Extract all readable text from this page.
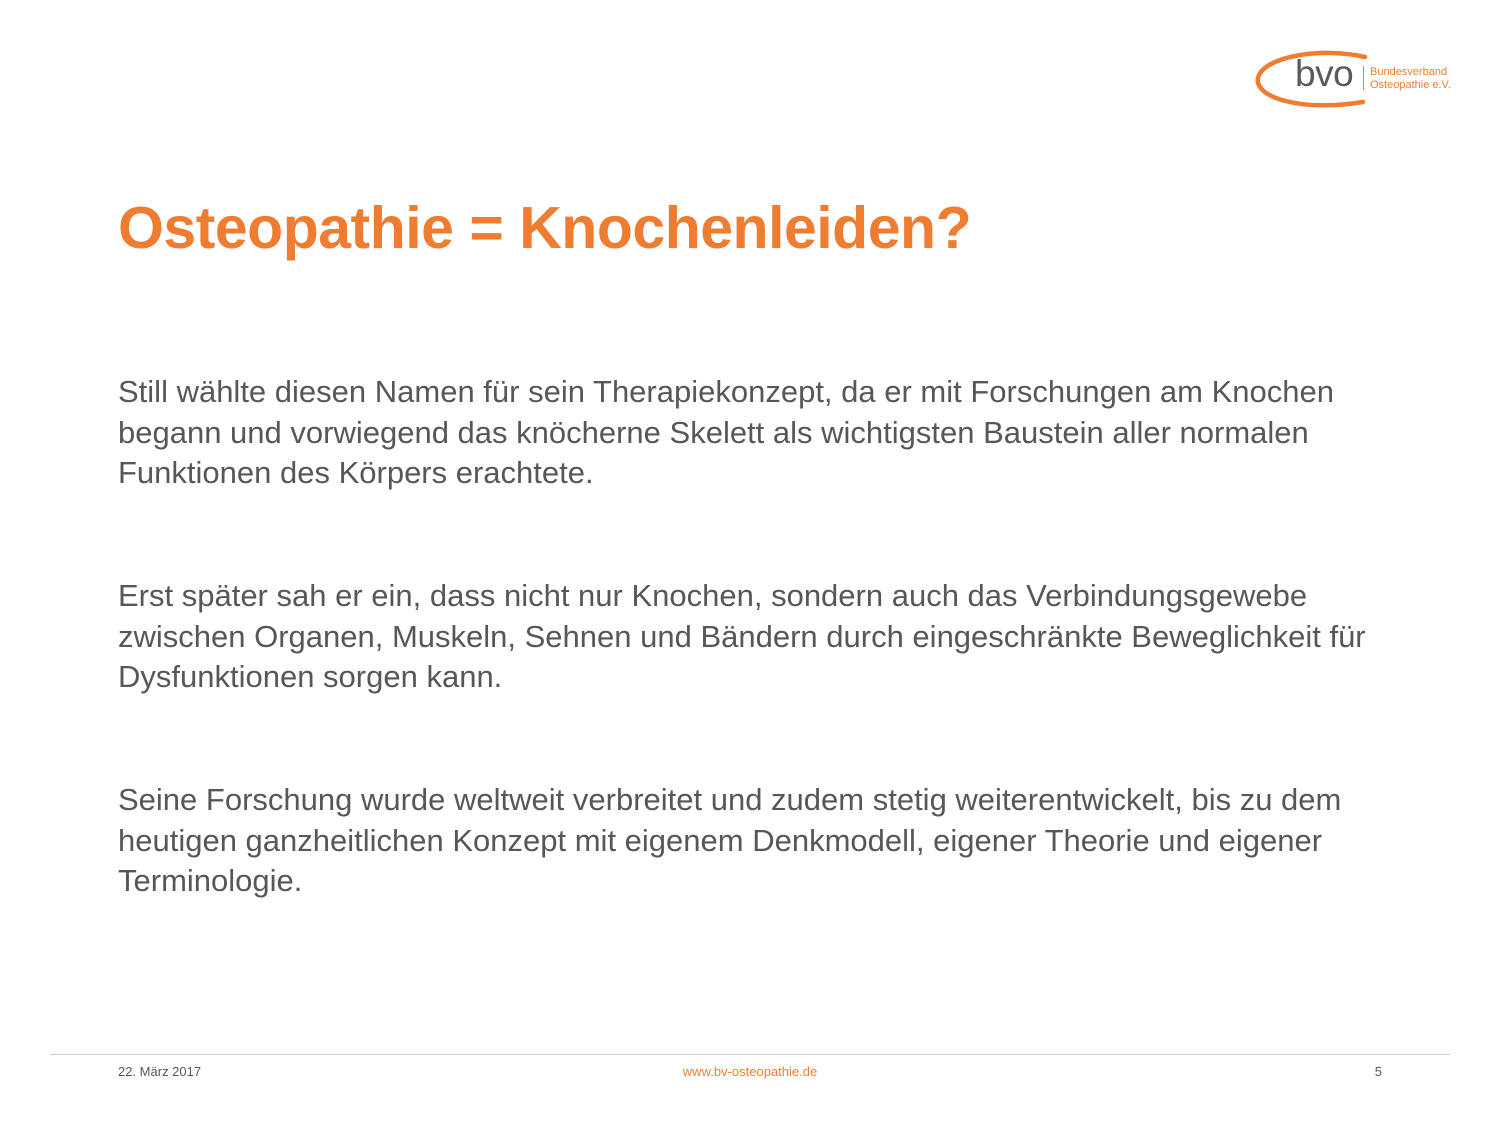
bvo Bundesverband
Osteopathie e.V.
Osteopathie = Knochenleiden?

Still wählte diesen Namen für sein Therapiekonzept, da er mit Forschungen am Knochen begann und vorwiegend das knöcherne Skelett als wichtigsten Baustein aller normalen Funktionen des Körpers erachtete.

Erst später sah er ein, dass nicht nur Knochen, sondern auch das Verbindungsgewebe zwischen Organen, Muskeln, Sehnen und Bändern durch eingeschränkte Beweglichkeit für Dysfunktionen sorgen kann.

Seine Forschung wurde weltweit verbreitet und zudem stetig weiterentwickelt, bis zu dem heutigen ganzheitlichen Konzept mit eigenem Denkmodell, eigener Theorie und eigener Terminologie.

22. März 2017	www.bv-osteopathie.de	5
